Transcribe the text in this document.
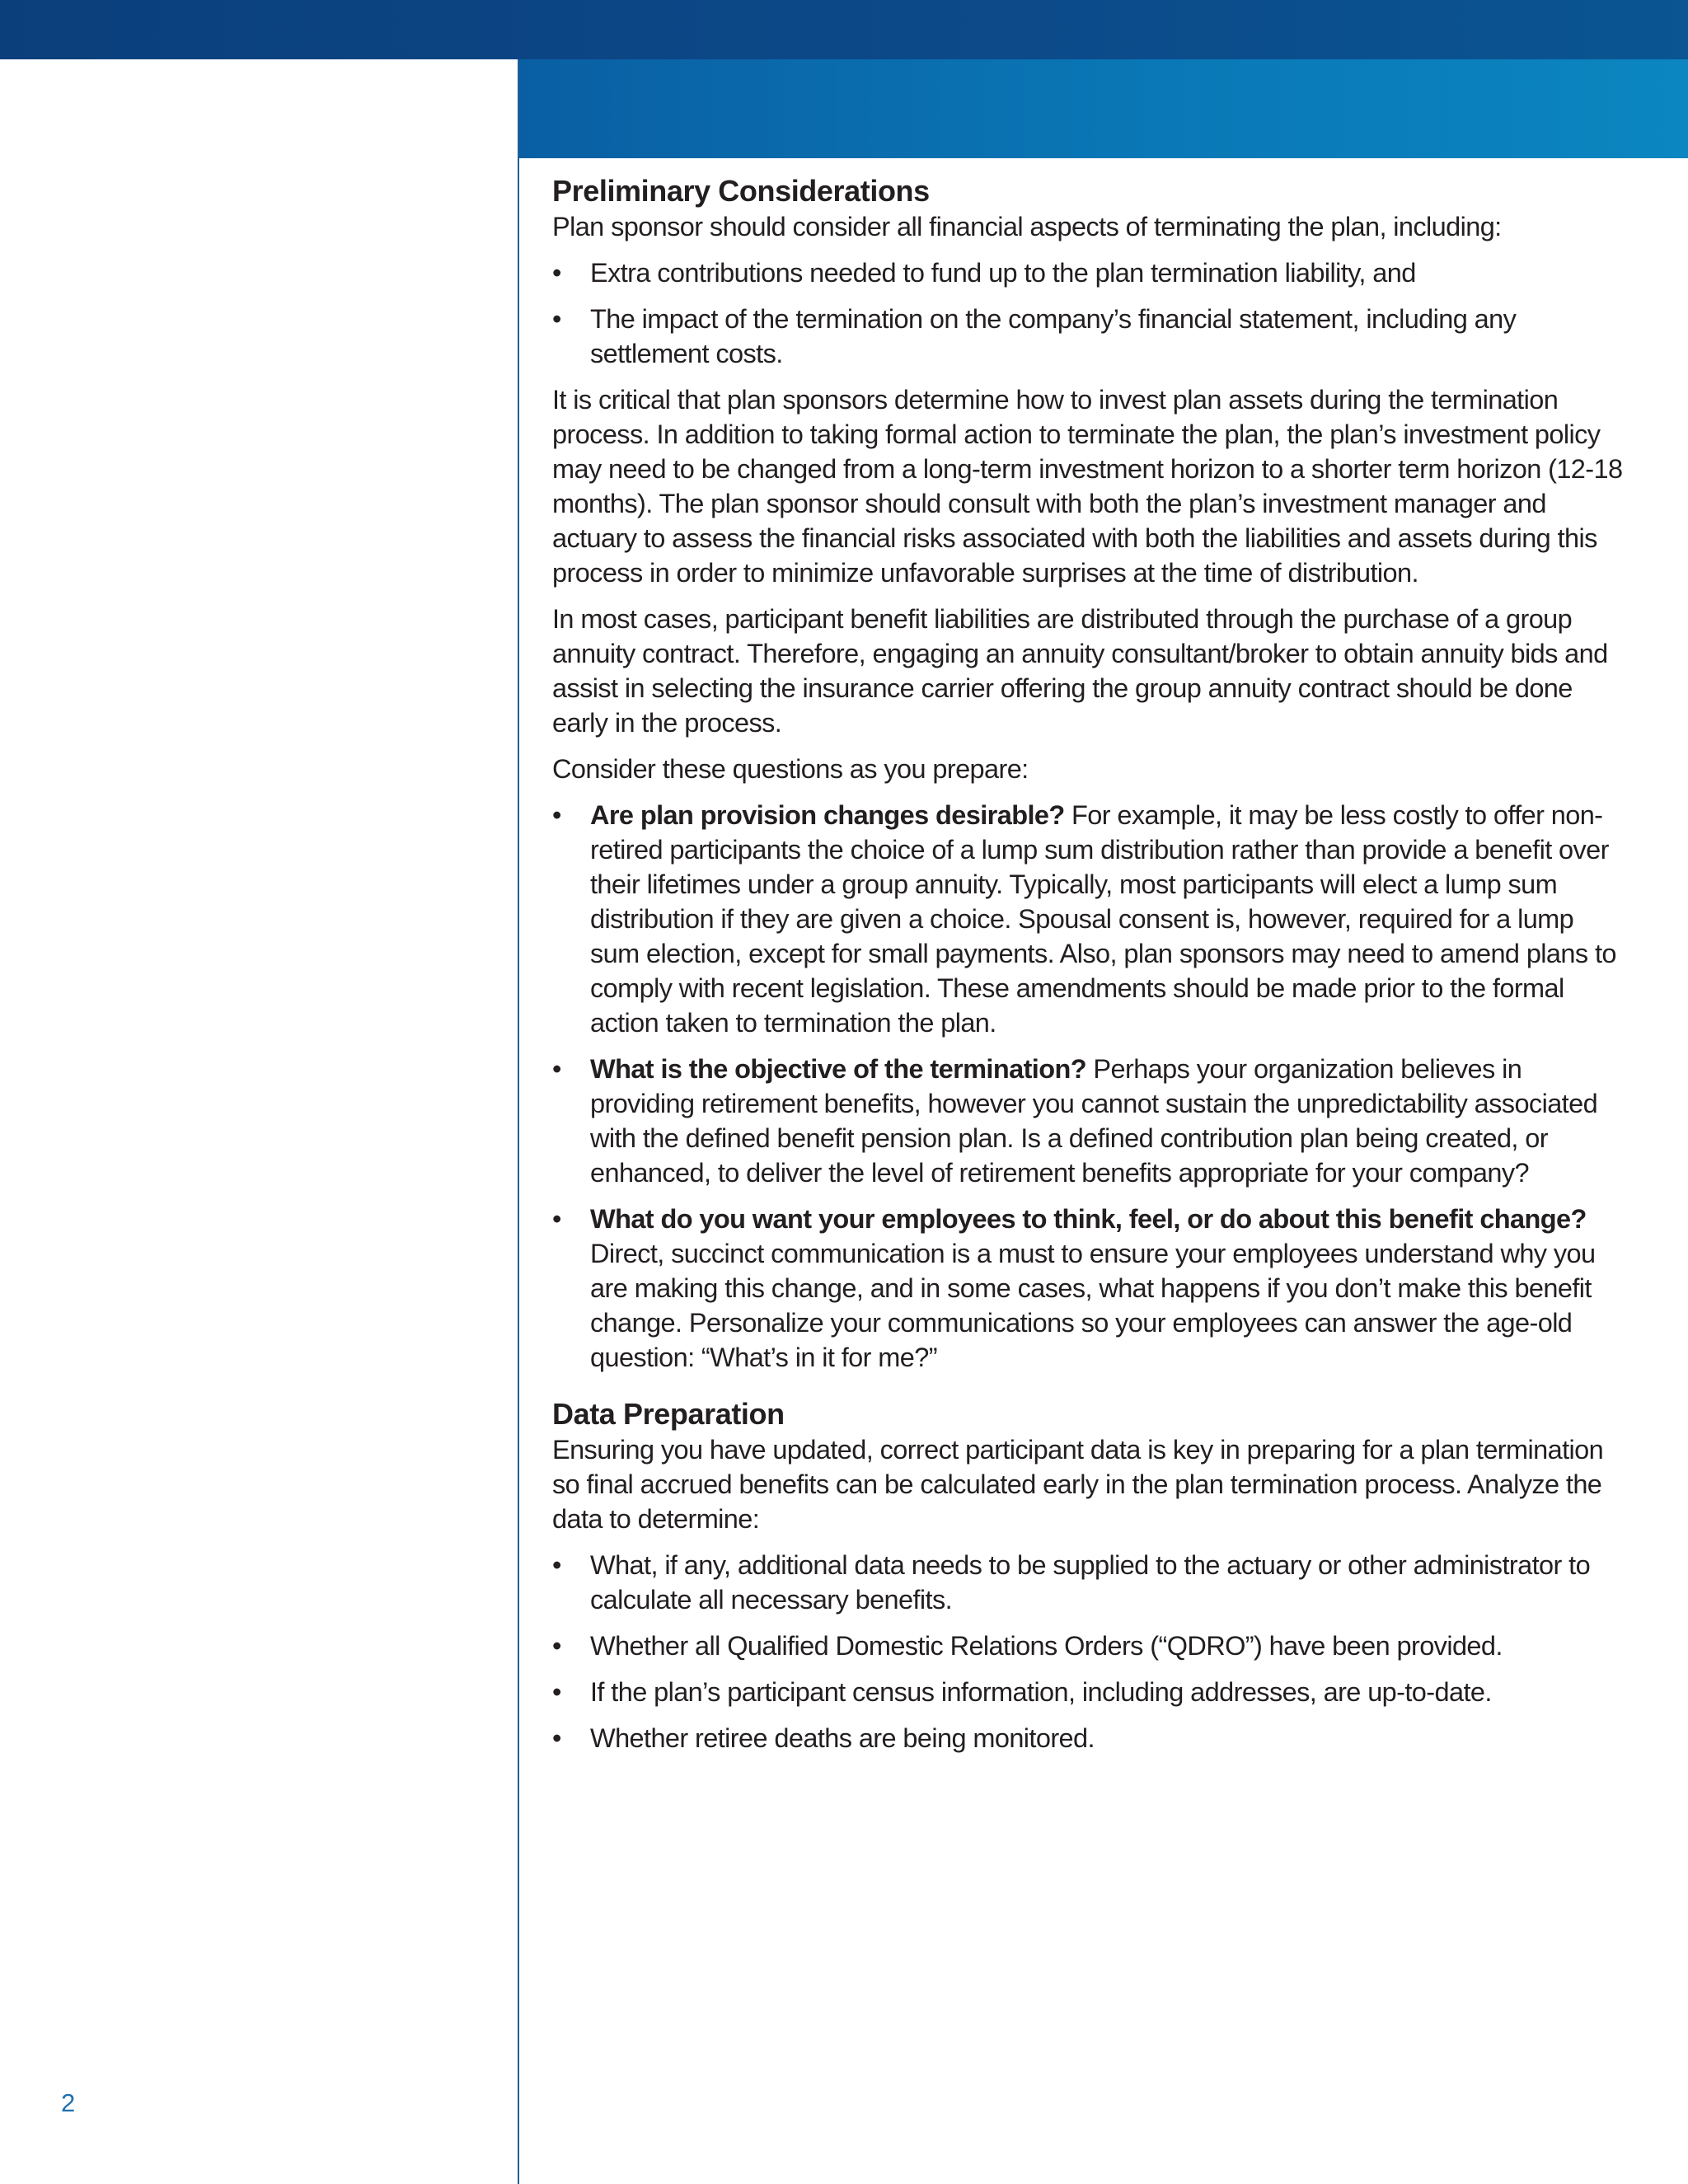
2
Preliminary Considerations

Plan sponsor should consider all financial aspects of terminating the plan, including:

• Extra contributions needed to fund up to the plan termination liability, and
• The impact of the termination on the company’s financial statement, including any settlement costs.

It is critical that plan sponsors determine how to invest plan assets during the termination process. In addition to taking formal action to terminate the plan, the plan’s investment policy may need to be changed from a long-term investment horizon to a shorter term horizon (12-18 months). The plan sponsor should consult with both the plan’s investment manager and actuary to assess the financial risks associated with both the liabilities and assets during this process in order to minimize unfavorable surprises at the time of distribution.

In most cases, participant benefit liabilities are distributed through the purchase of a group annuity contract. Therefore, engaging an annuity consultant/broker to obtain annuity bids and assist in selecting the insurance carrier offering the group annuity contract should be done early in the process.

Consider these questions as you prepare:

• Are plan provision changes desirable? For example, it may be less costly to offer non-retired participants the choice of a lump sum distribution rather than provide a benefit over their lifetimes under a group annuity. Typically, most participants will elect a lump sum distribution if they are given a choice. Spousal consent is, however, required for a lump sum election, except for small payments. Also, plan sponsors may need to amend plans to comply with recent legislation. These amendments should be made prior to the formal action taken to termination the plan.
• What is the objective of the termination? Perhaps your organization believes in providing retirement benefits, however you cannot sustain the unpredictability associated with the defined benefit pension plan. Is a defined contribution plan being created, or enhanced, to deliver the level of retirement benefits appropriate for your company?
• What do you want your employees to think, feel, or do about this benefit change? Direct, succinct communication is a must to ensure your employees understand why you are making this change, and in some cases, what happens if you don’t make this benefit change. Personalize your communications so your employees can answer the age-old question: “What’s in it for me?”
Data Preparation

Ensuring you have updated, correct participant data is key in preparing for a plan termination so final accrued benefits can be calculated early in the plan termination process. Analyze the data to determine:

• What, if any, additional data needs to be supplied to the actuary or other administrator to calculate all necessary benefits.
• Whether all Qualified Domestic Relations Orders (“QDRO”) have been provided.
• If the plan’s participant census information, including addresses, are up-to-date.
• Whether retiree deaths are being monitored.
